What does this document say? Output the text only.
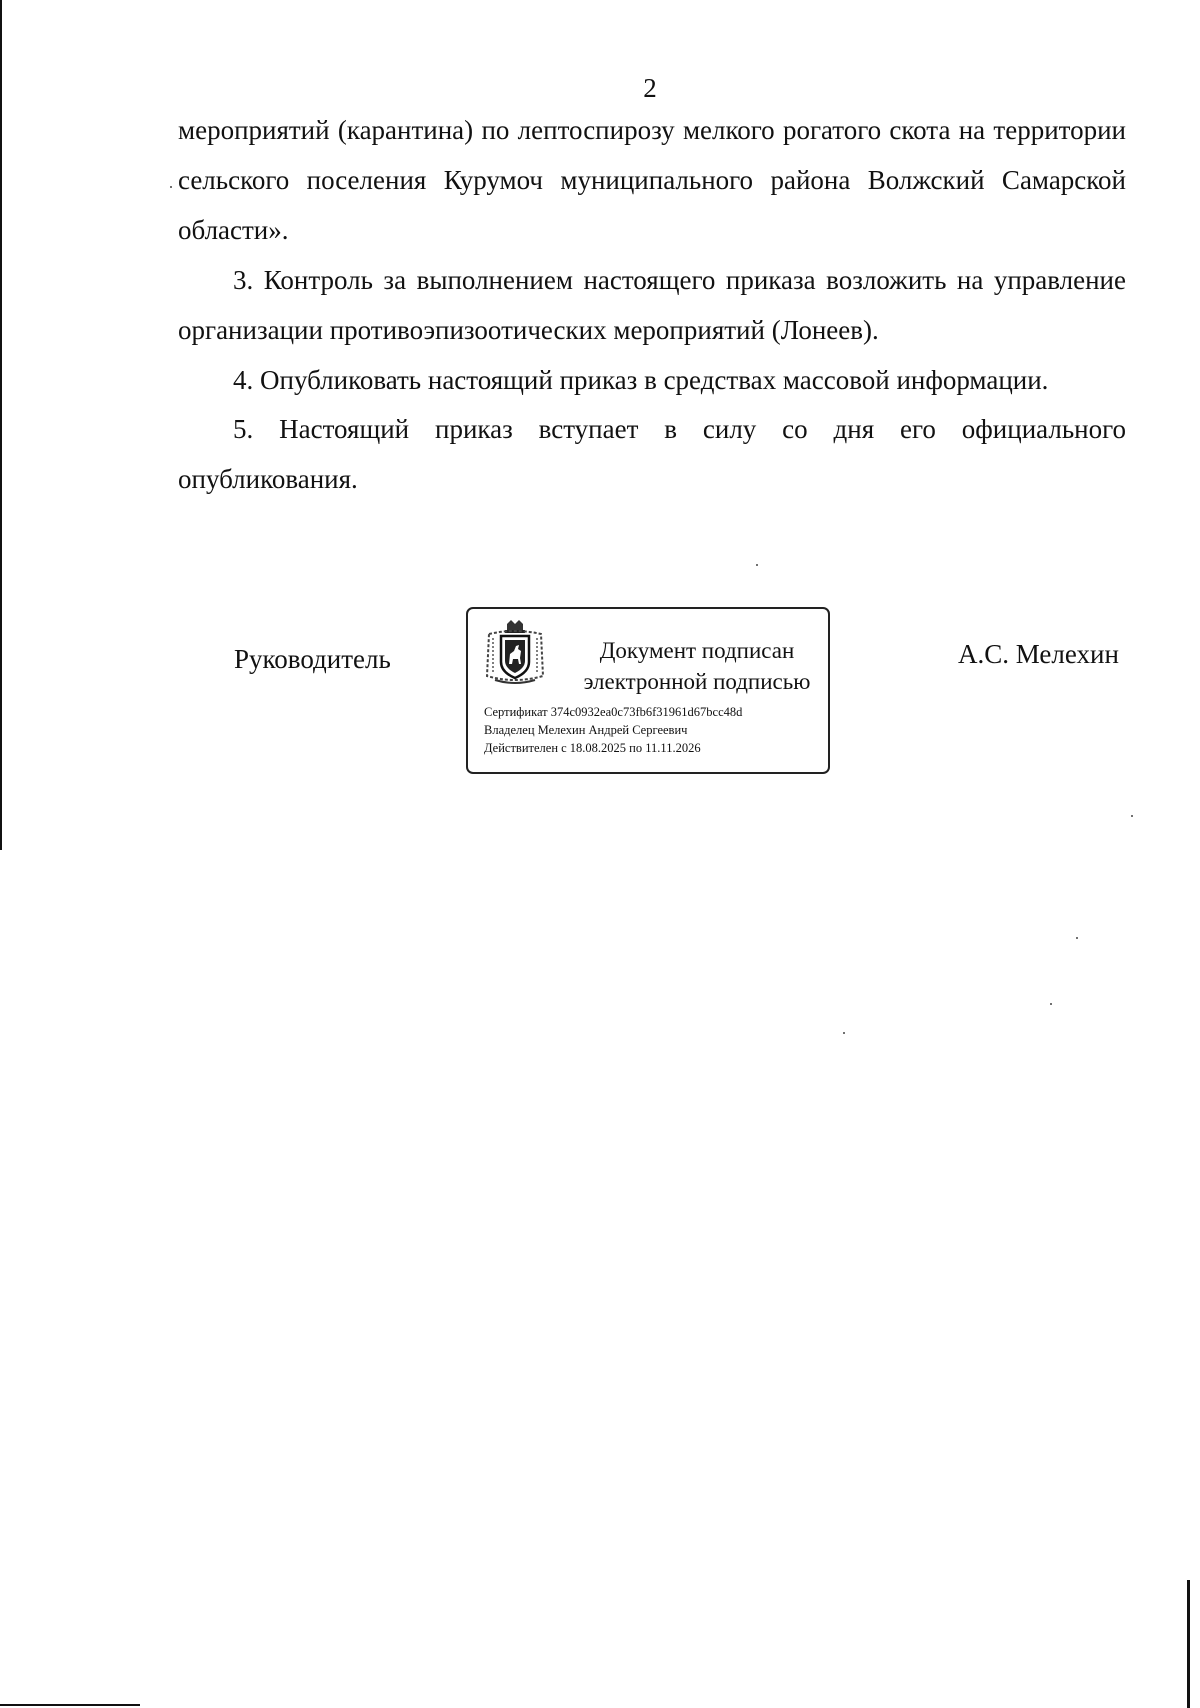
2
мероприятий (карантина) по лептоспирозу мелкого рогатого скота на территории сельского поселения Курумоч муниципального района Волжский Самарской области».
3. Контроль за выполнением настоящего приказа возложить на управление организации противоэпизоотических мероприятий (Лонеев).
4. Опубликовать настоящий приказ в средствах массовой информации.
5. Настоящий приказ вступает в силу со дня его официального опубликования.
Руководитель	Документ подписан
электронной подписью
Сертификат 374c0932ea0c73fb6f31961d67bcc48d
Владелец Мелехин Андрей Сергеевич
Действителен с 18.08.2025 по 11.11.2026
А.С. Мелехин
